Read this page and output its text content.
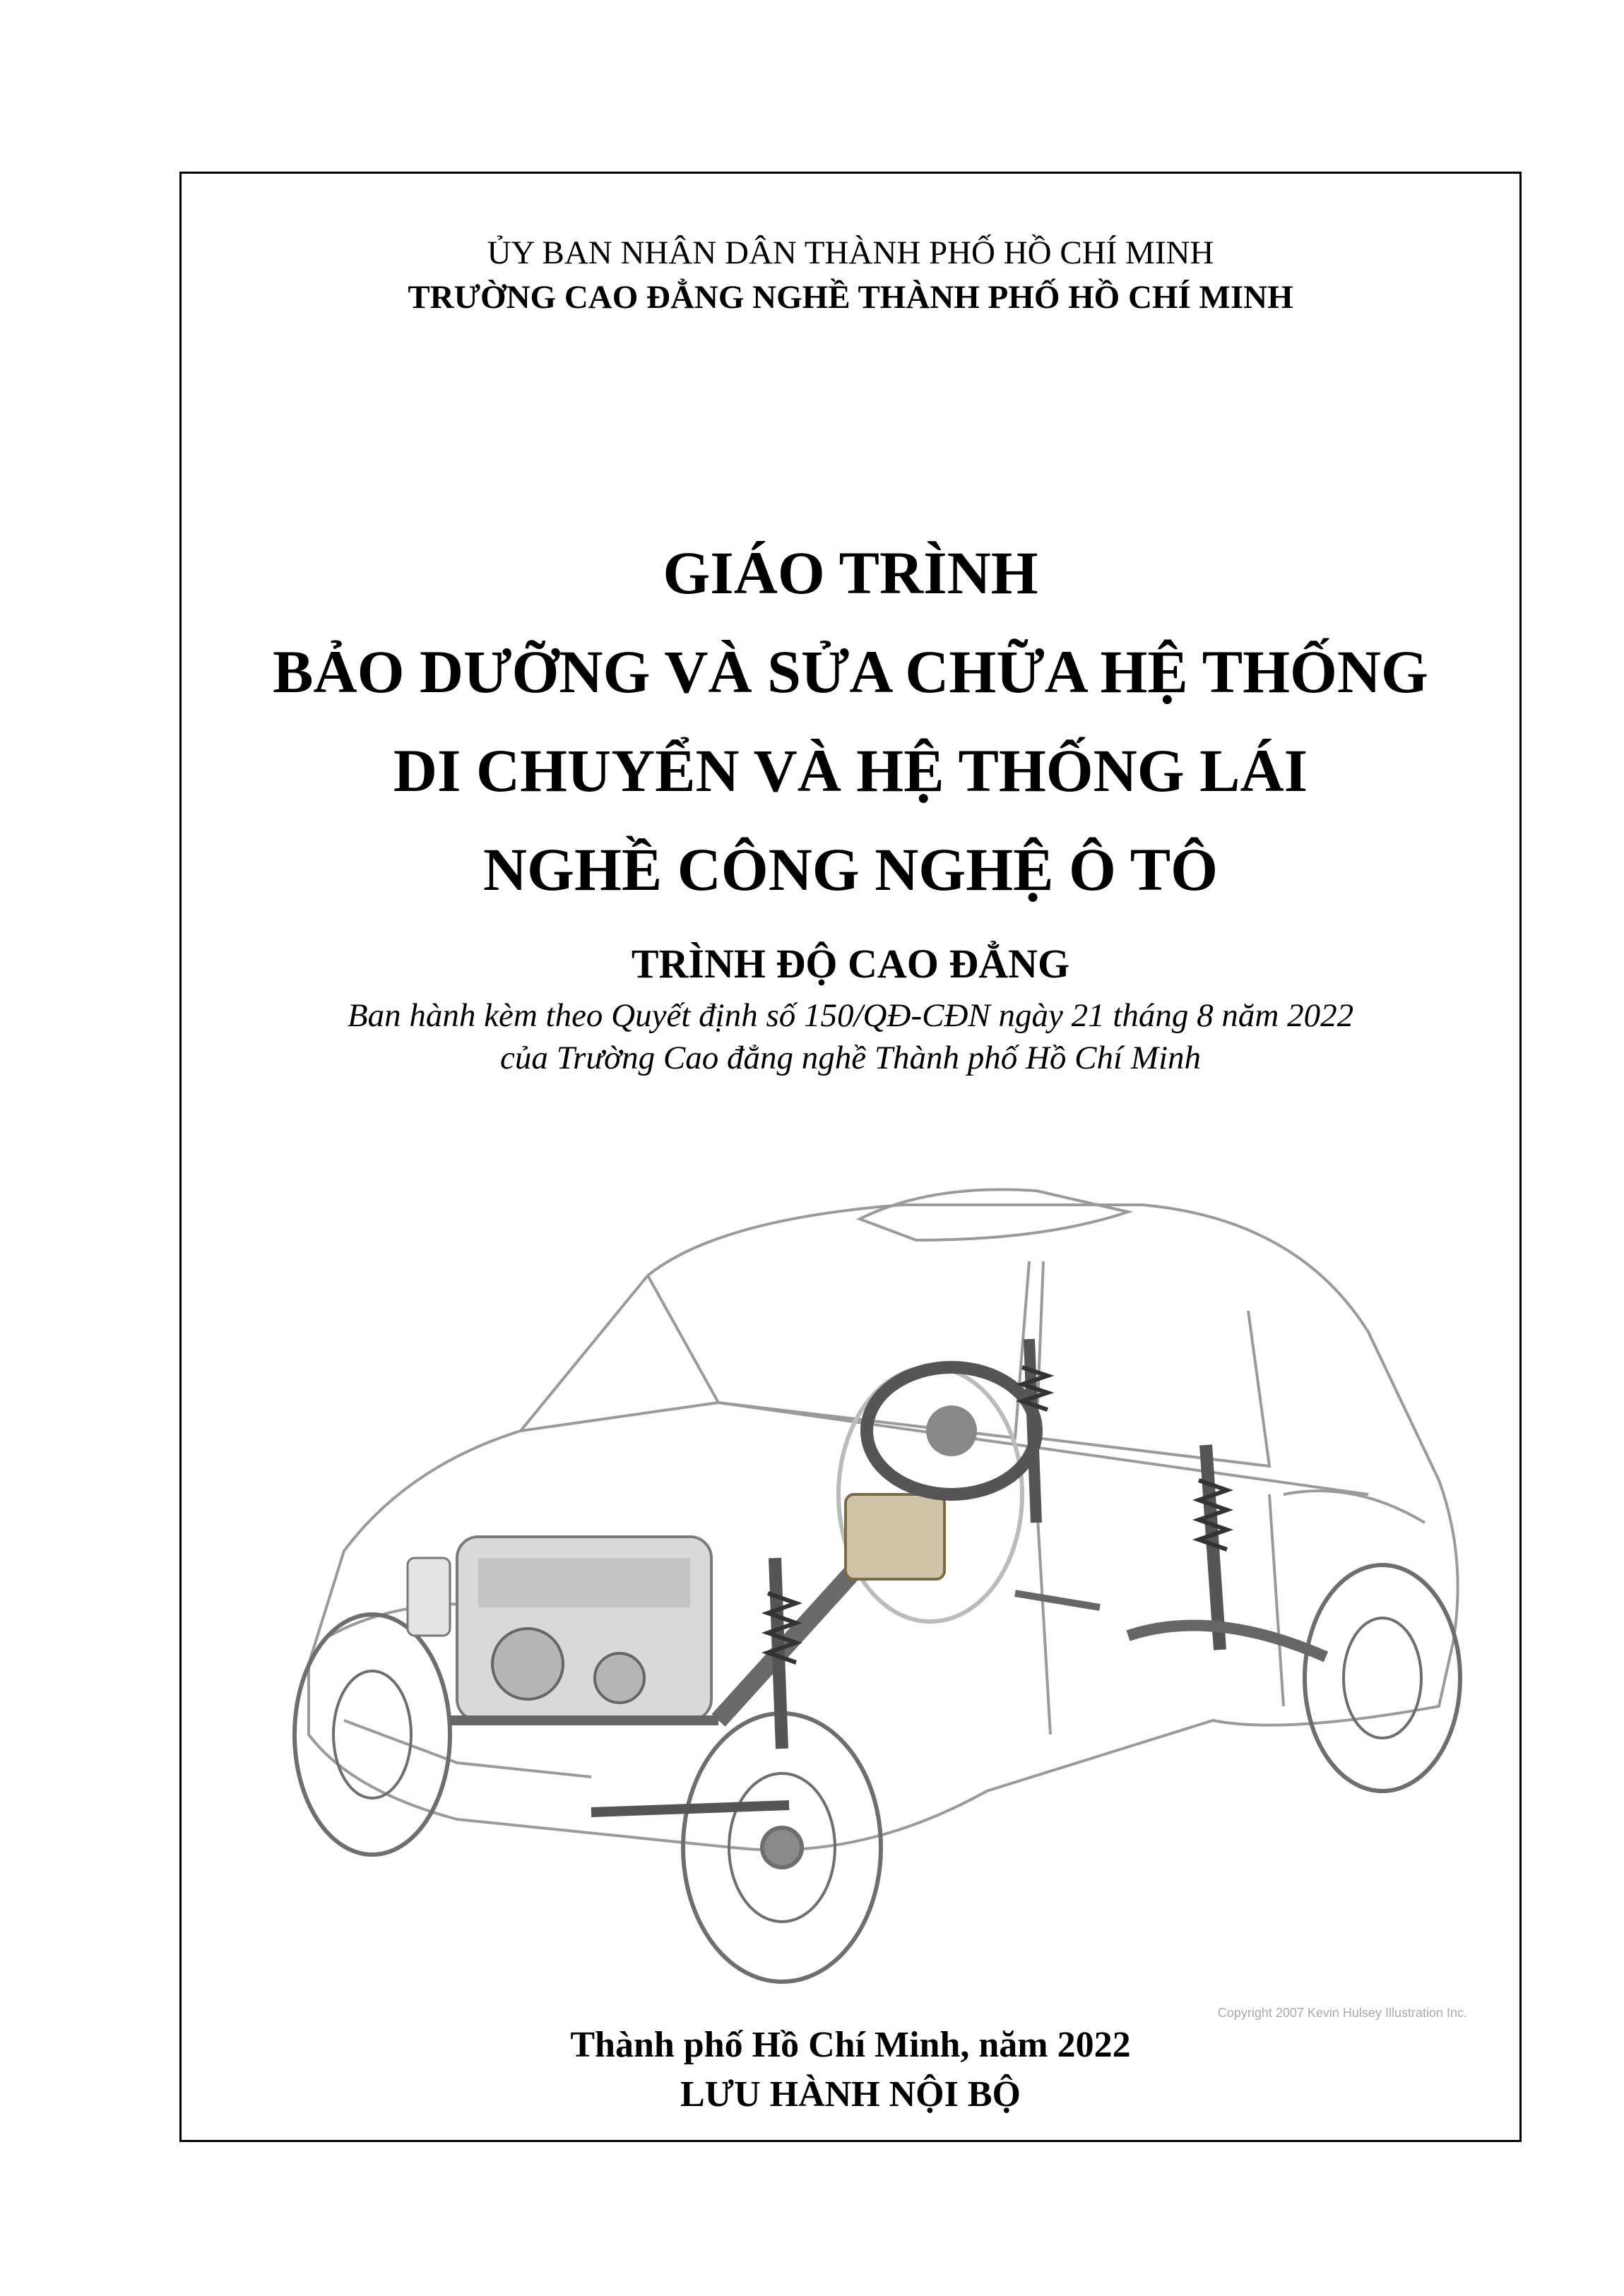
ỦY BAN NHÂN DÂN THÀNH PHỐ HỒ CHÍ MINH
TRƯỜNG CAO ĐẲNG NGHỀ THÀNH PHỐ HỒ CHÍ MINH
GIÁO TRÌNH
BẢO DƯỠNG VÀ SỬA CHỮA HỆ THỐNG
DI CHUYỂN VÀ HỆ THỐNG LÁI
NGHỀ CÔNG NGHỆ Ô TÔ
TRÌNH ĐỘ CAO ĐẲNG
Ban hành kèm theo Quyết định số 150/QĐ-CĐN ngày 21 tháng 8 năm 2022
của Trường Cao đẳng nghề Thành phố Hồ Chí Minh
Copyright 2007 Kevin Hulsey Illustration Inc.
Thành phố Hồ Chí Minh, năm 2022
LƯU HÀNH NỘI BỘ
